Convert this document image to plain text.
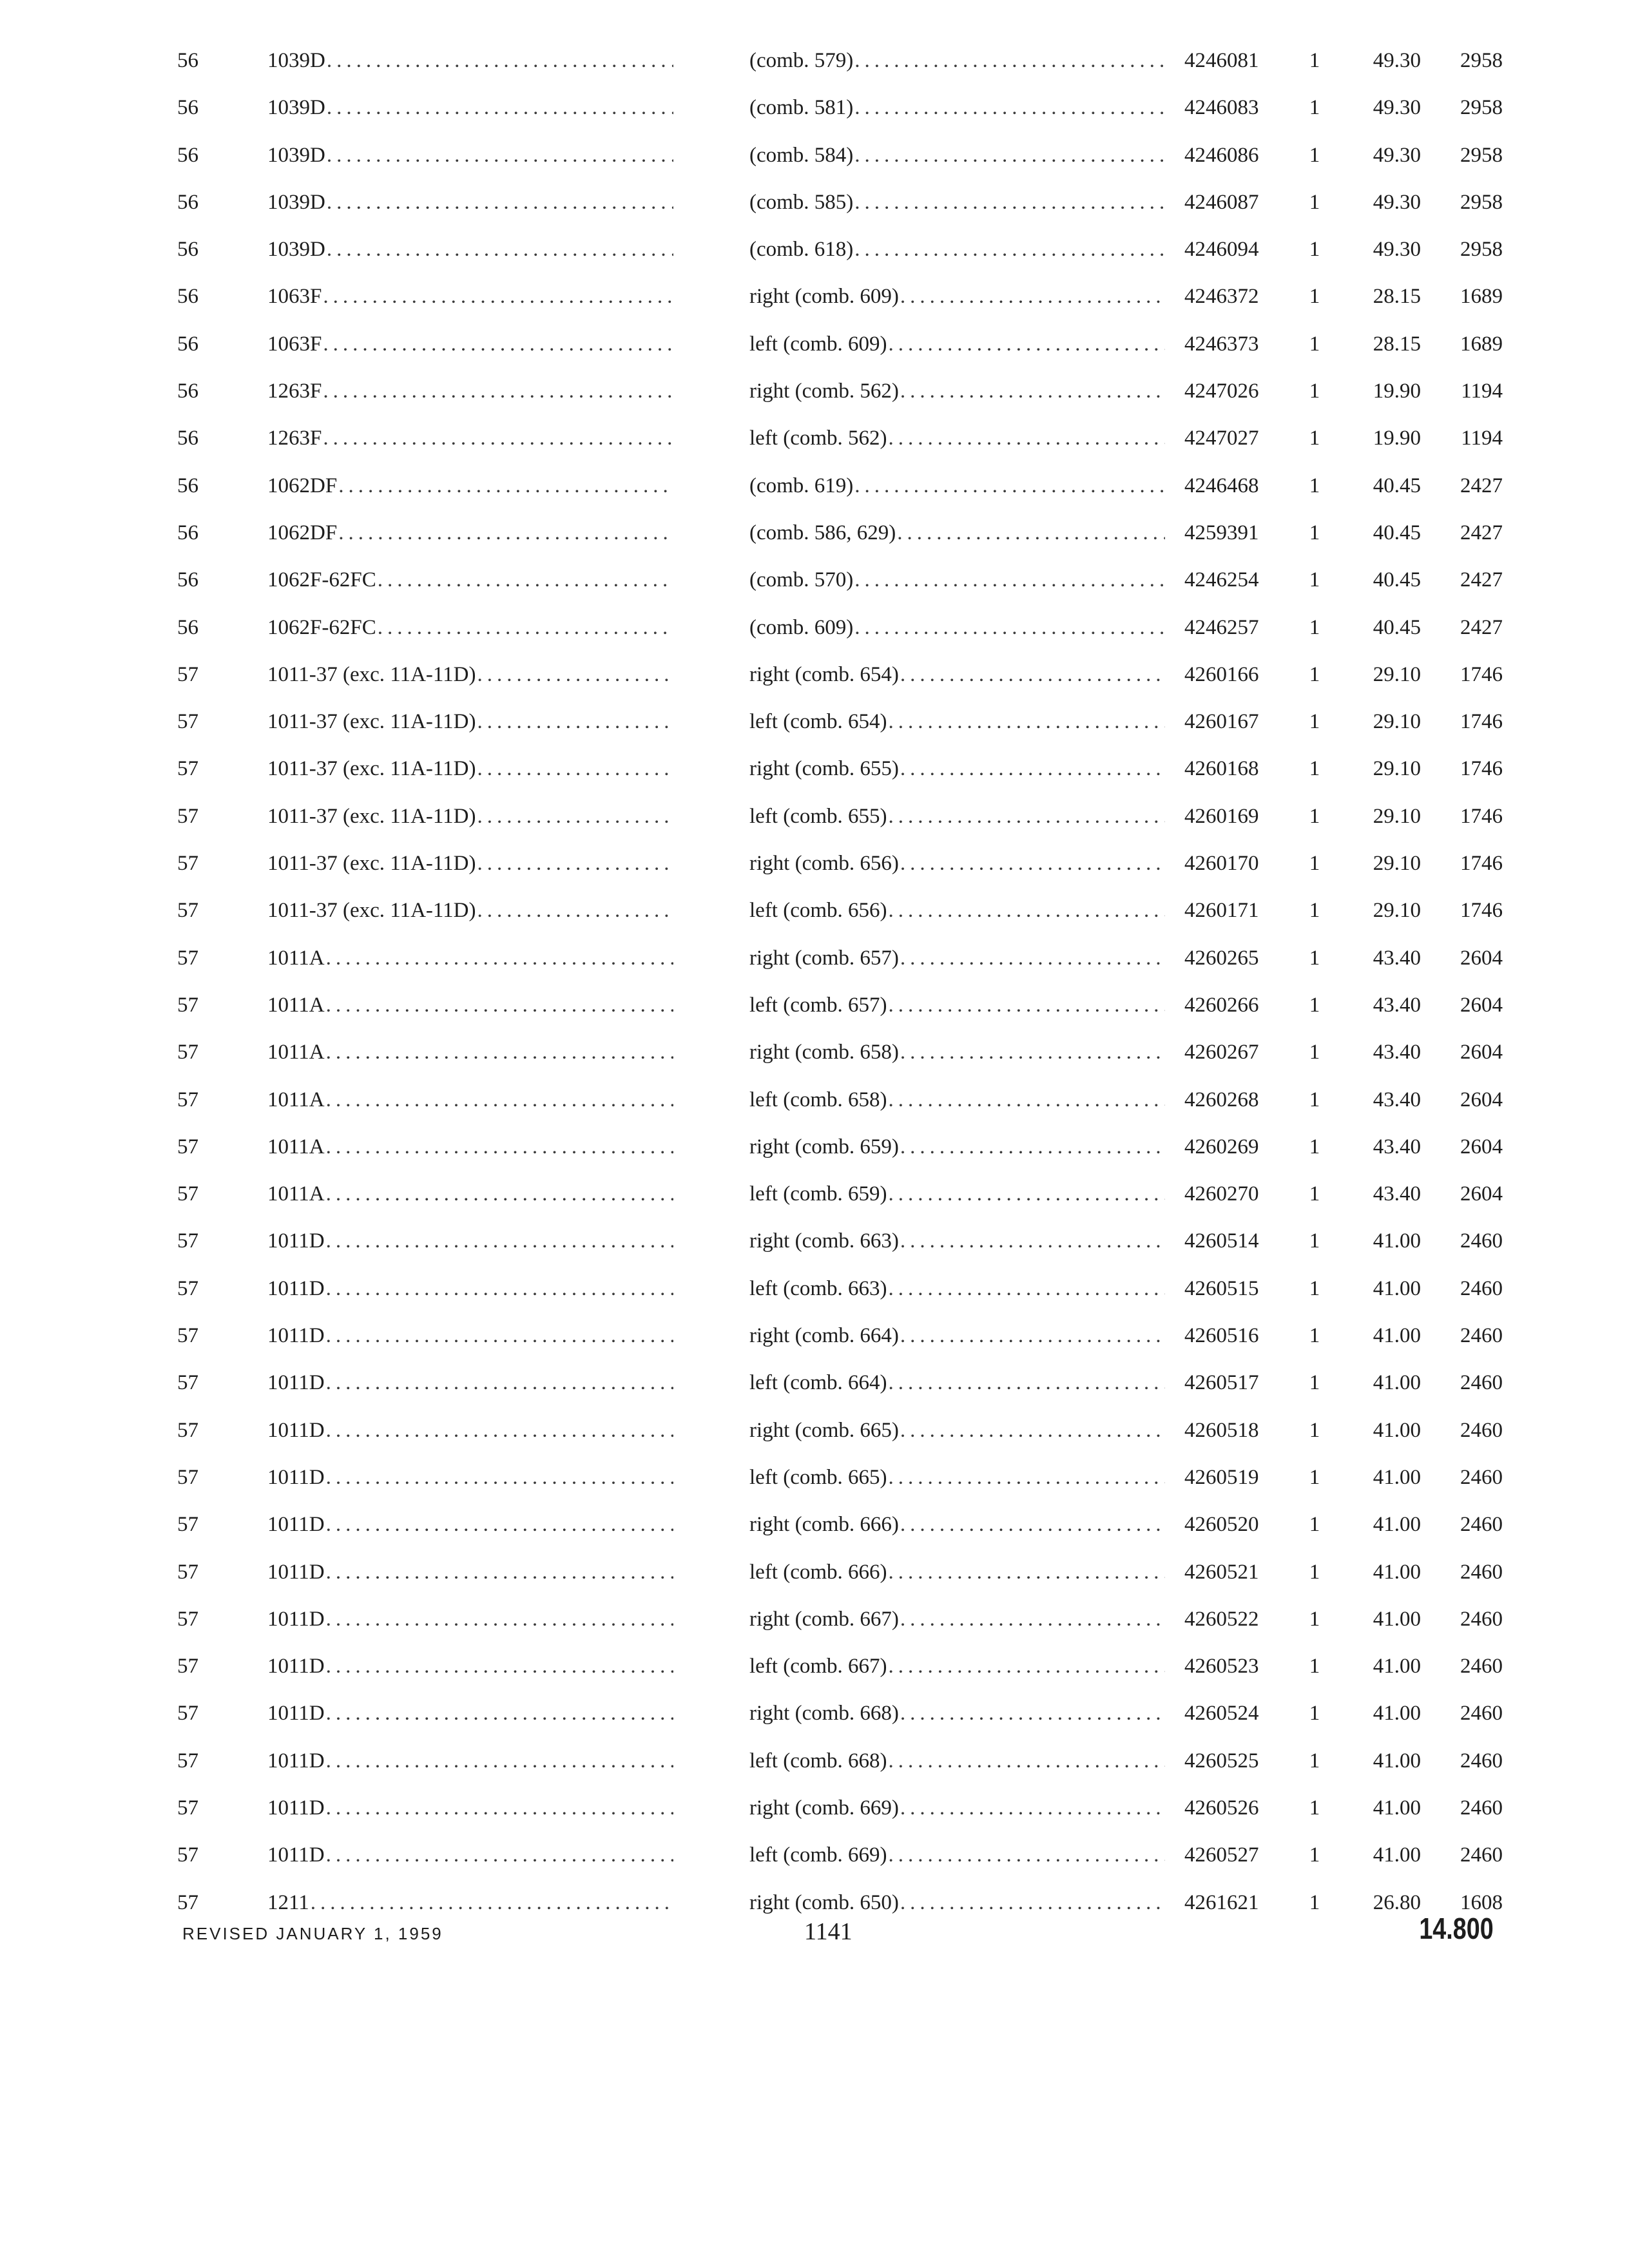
56	1039D .....	(comb. 579) .....	4246081	1	49.30	2958
56	1039D .....	(comb. 581) .....	4246083	1	49.30	2958
56	1039D .....	(comb. 584) .....	4246086	1	49.30	2958
56	1039D .....	(comb. 585) .....	4246087	1	49.30	2958
56	1039D .....	(comb. 618) .....	4246094	1	49.30	2958
56	1063F .....	right (comb. 609) .....	4246372	1	28.15	1689
56	1063F .....	left (comb. 609) .....	4246373	1	28.15	1689
56	1263F .....	right (comb. 562) .....	4247026	1	19.90	1194
56	1263F .....	left (comb. 562) .....	4247027	1	19.90	1194
56	1062DF .....	(comb. 619) .....	4246468	1	40.45	2427
56	1062DF .....	(comb. 586, 629) .....	4259391	1	40.45	2427
56	1062F-62FC .....	(comb. 570) .....	4246254	1	40.45	2427
56	1062F-62FC .....	(comb. 609) .....	4246257	1	40.45	2427
57	1011-37 (exc. 11A-11D) .....	right (comb. 654) .....	4260166	1	29.10	1746
57	1011-37 (exc. 11A-11D) .....	left (comb. 654) .....	4260167	1	29.10	1746
57	1011-37 (exc. 11A-11D) .....	right (comb. 655) .....	4260168	1	29.10	1746
57	1011-37 (exc. 11A-11D) .....	left (comb. 655) .....	4260169	1	29.10	1746
57	1011-37 (exc. 11A-11D) .....	right (comb. 656) .....	4260170	1	29.10	1746
57	1011-37 (exc. 11A-11D) .....	left (comb. 656) .....	4260171	1	29.10	1746
57	1011A .....	right (comb. 657) .....	4260265	1	43.40	2604
57	1011A .....	left (comb. 657) .....	4260266	1	43.40	2604
57	1011A .....	right (comb. 658) .....	4260267	1	43.40	2604
57	1011A .....	left (comb. 658) .....	4260268	1	43.40	2604
57	1011A .....	right (comb. 659) .....	4260269	1	43.40	2604
57	1011A .....	left (comb. 659) .....	4260270	1	43.40	2604
57	1011D .....	right (comb. 663) .....	4260514	1	41.00	2460
57	1011D .....	left (comb. 663) .....	4260515	1	41.00	2460
57	1011D .....	right (comb. 664) .....	4260516	1	41.00	2460
57	1011D .....	left (comb. 664) .....	4260517	1	41.00	2460
57	1011D .....	right (comb. 665) .....	4260518	1	41.00	2460
57	1011D .....	left (comb. 665) .....	4260519	1	41.00	2460
57	1011D .....	right (comb. 666) .....	4260520	1	41.00	2460
57	1011D .....	left (comb. 666) .....	4260521	1	41.00	2460
57	1011D .....	right (comb. 667) .....	4260522	1	41.00	2460
57	1011D .....	left (comb. 667) .....	4260523	1	41.00	2460
57	1011D .....	right (comb. 668) .....	4260524	1	41.00	2460
57	1011D .....	left (comb. 668) .....	4260525	1	41.00	2460
57	1011D .....	right (comb. 669) .....	4260526	1	41.00	2460
57	1011D .....	left (comb. 669) .....	4260527	1	41.00	2460
57	1211 .....	right (comb. 650) .....	4261621	1	26.80	1608
REVISED JANUARY 1, 1959	1141	14.800
